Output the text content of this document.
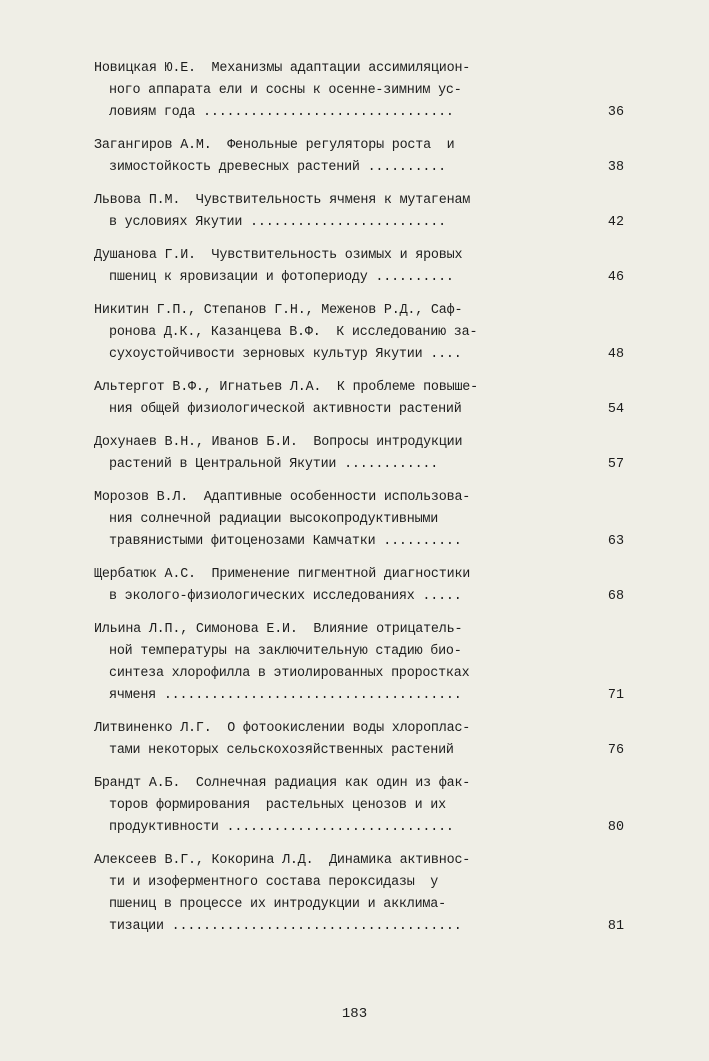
Новицкая Ю.Е.  Механизмы адаптации ассимиляцион-
ного аппарата ели и сосны к осенне-зимним ус-
ловиям года ................................	36
Загангиров А.М.  Фенольные регуляторы роста  и
зимостойкость древесных растений ..........	38
Львова П.М.  Чувствительность ячменя к мутагенам
в условиях Якутии .........................	42
Душанова Г.И.  Чувствительность озимых и яровых
пшениц к яровизации и фотопериоду ..........	46
Никитин Г.П., Степанов Г.Н., Меженов Р.Д., Саф-
ронова Д.К., Казанцева В.Ф.  К исследованию за-
сухоустойчивости зерновых культур Якутии ....	48
Альтергот В.Ф., Игнатьев Л.А.  К проблеме повыше-
ния общей физиологической активности растений	54
Дохунаев В.Н., Иванов Б.И.  Вопросы интродукции
растений в Центральной Якутии ............	57
Морозов В.Л.  Адаптивные особенности использова-
ния солнечной радиации высокопродуктивными
травянистыми фитоценозами Камчатки ..........	63
Щербатюк А.С.  Применение пигментной диагностики
в эколого-физиологических исследованиях .....	68
Ильина Л.П., Симонова Е.И.  Влияние отрицатель-
ной температуры на заключительную стадию био-
синтеза хлорофилла в этиолированных проростках
ячменя ......................................	71
Литвиненко Л.Г.  О фотоокислении воды хлороплас-
тами некоторых сельскохозяйственных растений	76
Брандт А.Б.  Солнечная радиация как один из фак-
торов формирования  растельных ценозов и их
продуктивности .............................	80
Алексеев В.Г., Кокорина Л.Д.  Динамика активнос-
ти и изоферментного состава пероксидазы  у
пшениц в процессе их интродукции и акклима-
тизации .....................................	81
183
